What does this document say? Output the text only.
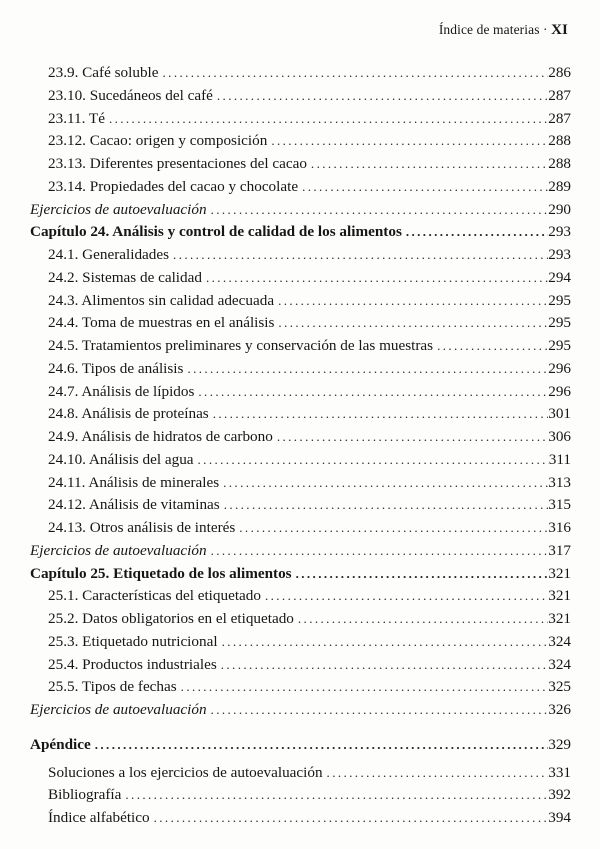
Índice de materias · XI
23.9. Café soluble .....	286
23.10. Sucedáneos del café .....	287
23.11. Té .....	287
23.12. Cacao: origen y composición .....	288
23.13. Diferentes presentaciones del cacao .....	288
23.14. Propiedades del cacao y chocolate .....	289
Ejercicios de autoevaluación .....	290
Capítulo 24. Análisis y control de calidad de los alimentos .....	293
24.1. Generalidades .....	293
24.2. Sistemas de calidad .....	294
24.3. Alimentos sin calidad adecuada .....	295
24.4. Toma de muestras en el análisis .....	295
24.5. Tratamientos preliminares y conservación de las muestras .....	295
24.6. Tipos de análisis .....	296
24.7. Análisis de lípidos .....	296
24.8. Análisis de proteínas .....	301
24.9. Análisis de hidratos de carbono .....	306
24.10. Análisis del agua .....	311
24.11. Análisis de minerales .....	313
24.12. Análisis de vitaminas .....	315
24.13. Otros análisis de interés .....	316
Ejercicios de autoevaluación .....	317
Capítulo 25. Etiquetado de los alimentos .....	321
25.1. Características del etiquetado .....	321
25.2. Datos obligatorios en el etiquetado .....	321
25.3. Etiquetado nutricional .....	324
25.4. Productos industriales .....	324
25.5. Tipos de fechas .....	325
Ejercicios de autoevaluación .....	326
Apéndice .....	329
Soluciones a los ejercicios de autoevaluación .....	331
Bibliografía .....	392
Índice alfabético .....	394
